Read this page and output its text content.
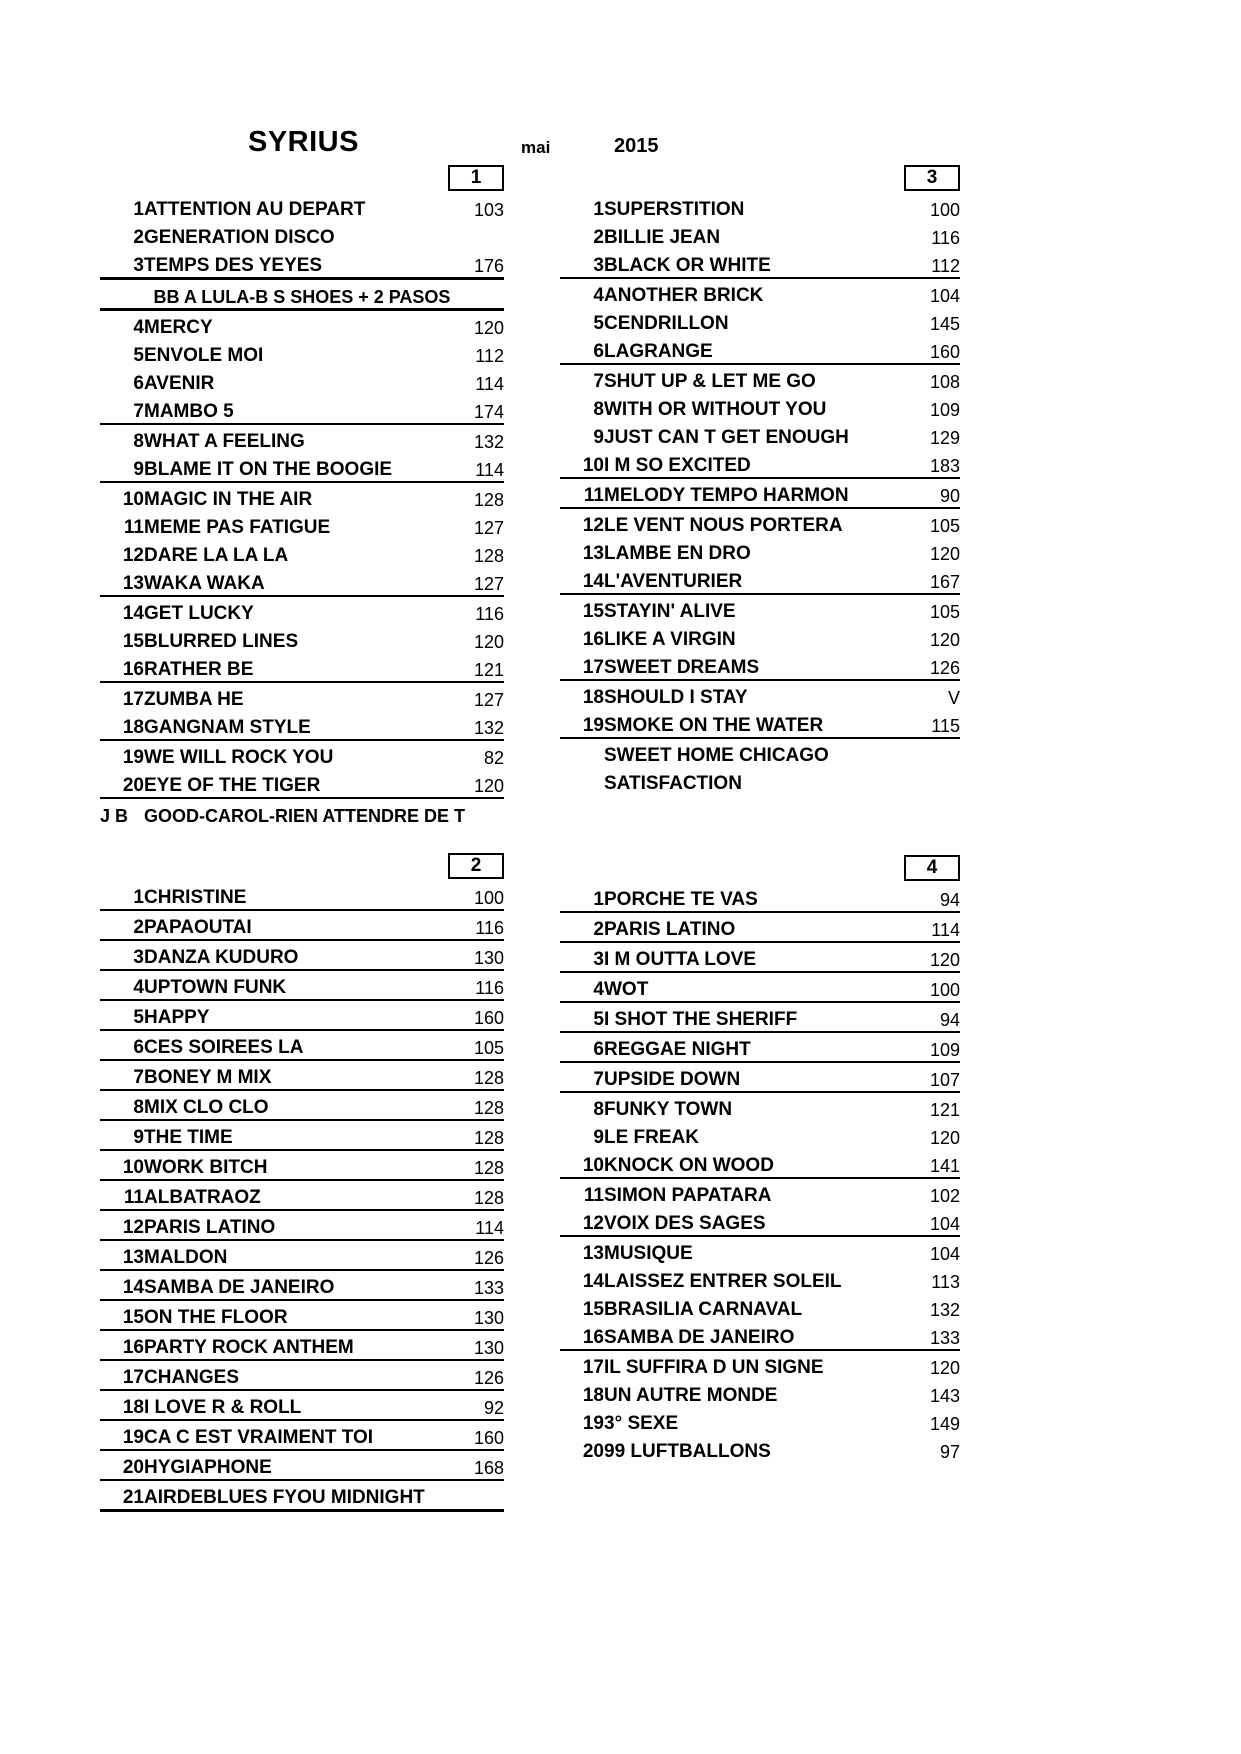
SYRIUS	mai	2015
1
1	ATTENTION AU DEPART	103
2	GENERATION DISCO	
3	TEMPS DES YEYES	176
BB A LULA-B S SHOES + 2 PASOS		
4	MERCY	120
5	ENVOLE MOI	112
6	AVENIR	114
7	MAMBO 5	174
8	WHAT A FEELING	132
9	BLAME IT ON THE BOOGIE	114
10	MAGIC IN THE AIR	128
11	MEME PAS FATIGUE	127
12	DARE LA LA LA	128
13	WAKA WAKA	127
14	GET LUCKY	116
15	BLURRED LINES	120
16	RATHER BE	121
17	ZUMBA HE	127
18	GANGNAM STYLE	132
19	WE WILL ROCK YOU	82
20	EYE OF THE TIGER	120
J B	GOOD-CAROL-RIEN ATTENDRE DE T	
2
1	CHRISTINE	100
2	PAPAOUTAI	116
3	DANZA KUDURO	130
4	UPTOWN FUNK	116
5	HAPPY	160
6	CES SOIREES LA	105
7	BONEY M MIX	128
8	MIX CLO CLO	128
9	THE TIME	128
10	WORK BITCH	128
11	ALBATRAOZ	128
12	PARIS LATINO	114
13	MALDON	126
14	SAMBA DE JANEIRO	133
15	ON THE FLOOR	130
16	PARTY ROCK ANTHEM	130
17	CHANGES	126
18	I LOVE R & ROLL	92
19	CA C EST VRAIMENT TOI	160
20	HYGIAPHONE	168
21	AIRDEBLUES FYOU MIDNIGHT	
3
1	SUPERSTITION	100
2	BILLIE JEAN	116
3	BLACK OR WHITE	112
4	ANOTHER BRICK	104
5	CENDRILLON	145
6	LAGRANGE	160
7	SHUT UP & LET ME GO	108
8	WITH OR WITHOUT YOU	109
9	JUST CAN T GET ENOUGH	129
10	I M SO EXCITED	183
11	MELODY TEMPO HARMON	90
12	LE VENT NOUS PORTERA	105
13	LAMBE EN DRO	120
14	L'AVENTURIER	167
15	STAYIN' ALIVE	105
16	LIKE A VIRGIN	120
17	SWEET DREAMS	126
18	SHOULD I STAY	V
19	SMOKE ON THE WATER	115
	SWEET HOME CHICAGO	
	SATISFACTION	
4
1	PORCHE TE VAS	94
2	PARIS LATINO	114
3	I M OUTTA LOVE	120
4	WOT	100
5	I SHOT THE SHERIFF	94
6	REGGAE NIGHT	109
7	UPSIDE DOWN	107
8	FUNKY TOWN	121
9	LE FREAK	120
10	KNOCK ON WOOD	141
11	SIMON PAPATARA	102
12	VOIX DES SAGES	104
13	MUSIQUE	104
14	LAISSEZ ENTRER SOLEIL	113
15	BRASILIA CARNAVAL	132
16	SAMBA DE JANEIRO	133
17	IL SUFFIRA D UN SIGNE	120
18	UN AUTRE MONDE	143
19	3° SEXE	149
20	99 LUFTBALLONS	97
